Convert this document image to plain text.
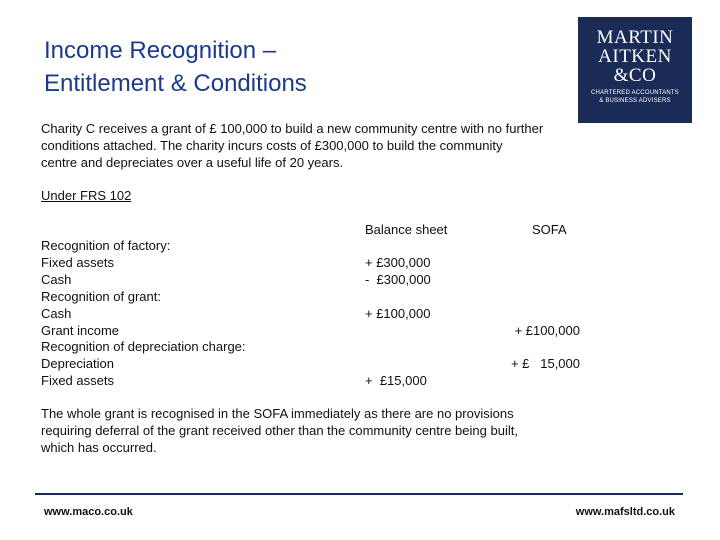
Income Recognition –
Entitlement & Conditions
MARTIN
AITKEN
&CO
CHARTERED ACCOUNTANTS
& BUSINESS ADVISERS
Charity C receives a grant of £ 100,000 to build a new community centre with no further
conditions attached. The charity incurs costs of £300,000 to build the community
centre and depreciates over a useful life of 20 years.
Under FRS 102
Balance sheet	SOFA
Recognition of factory:
Fixed assets
Cash
Recognition of grant:
Cash
Grant income
Recognition of depreciation charge:
Depreciation
Fixed assets
+ £300,000
-  £300,000
+ £100,000
+  £15,000
+ £100,000
+ £   15,000
The whole grant is recognised in the SOFA immediately as there are no provisions
requiring deferral of the grant received other than the community centre being built,
which has occurred.
www.maco.co.uk	www.mafsltd.co.uk
